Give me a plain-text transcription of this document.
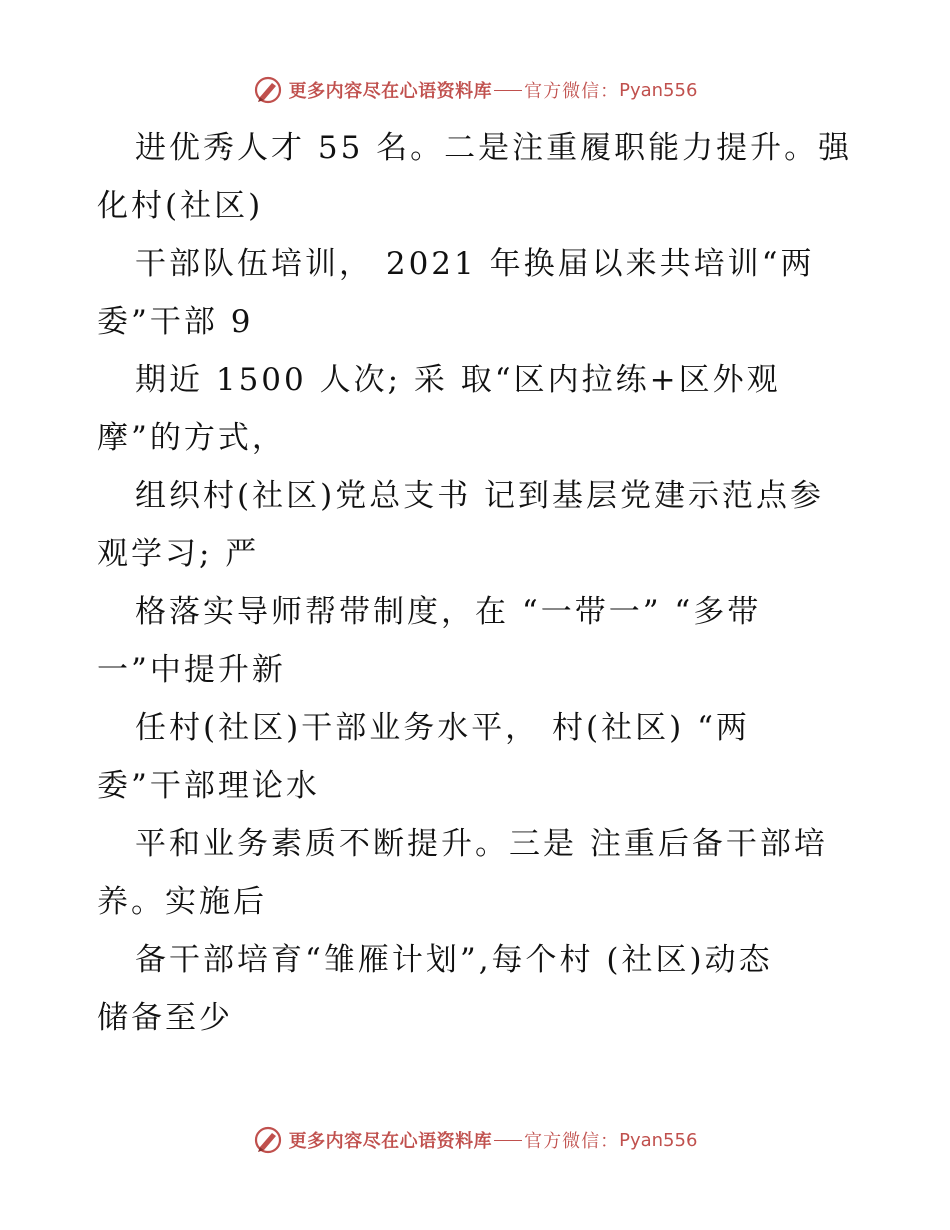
更多内容尽在心语资料库 官方微信： Pyan556
进优秀人才 55 名。二是注重履职能力提升。强
化村(社区)
干部队伍培训， 2021 年换届以来共培训“两
委”干部 9
期近 1500 人次; 采 取“区内拉练+区外观
摩”的方式，
组织村(社区)党总支书 记到基层党建示范点参
观学习; 严
格落实导师帮带制度，在 “一带一” “多带
一”中提升新
任村(社区)干部业务水平， 村(社区) “两
委”干部理论水
平和业务素质不断提升。三是 注重后备干部培
养。实施后
备干部培育“雏雁计划”,每个村 (社区)动态
储备至少
更多内容尽在心语资料库 官方微信： Pyan556
